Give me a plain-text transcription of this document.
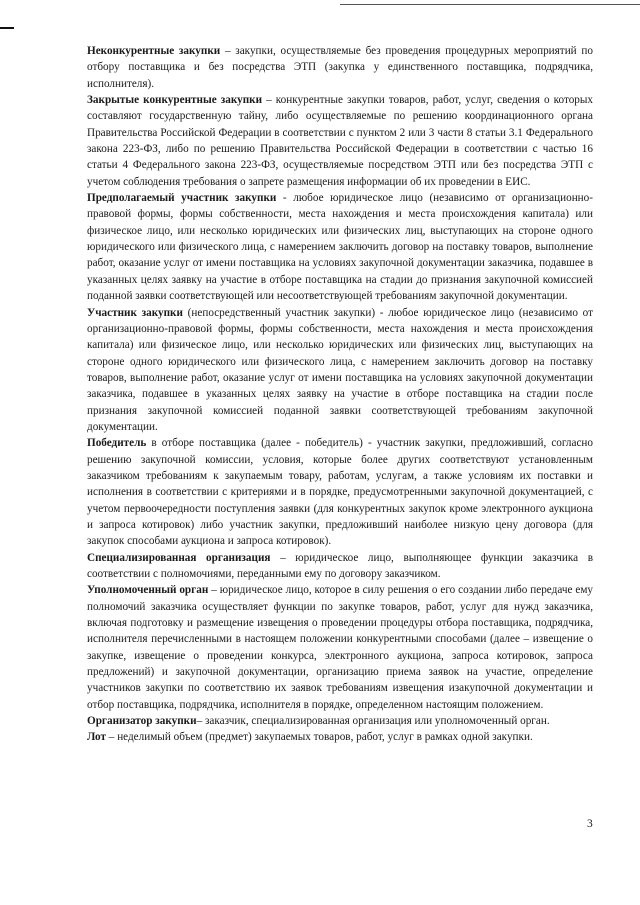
Неконкурентные закупки – закупки, осуществляемые без проведения процедурных мероприятий по отбору поставщика и без посредства ЭТП (закупка у единственного поставщика, подрядчика, исполнителя).

Закрытые конкурентные закупки – конкурентные закупки товаров, работ, услуг, сведения о которых составляют государственную тайну, либо осуществляемые по решению координационного органа Правительства Российской Федерации в соответствии с пунктом 2 или 3 части 8 статьи 3.1 Федерального закона 223-ФЗ, либо по решению Правительства Российской Федерации в соответствии с частью 16 статьи 4 Федерального закона 223-ФЗ, осуществляемые посредством ЭТП или без посредства ЭТП с учетом соблюдения требования о запрете размещения информации об их проведении в ЕИС.

Предполагаемый участник закупки - любое юридическое лицо (независимо от организационно-правовой формы, формы собственности, места нахождения и места происхождения капитала) или физическое лицо, или несколько юридических или физических лиц, выступающих на стороне одного юридического или физического лица, с намерением заключить договор на поставку товаров, выполнение работ, оказание услуг от имени поставщика на условиях закупочной документации заказчика, подавшее в указанных целях заявку на участие в отборе поставщика на стадии до признания закупочной комиссией поданной заявки соответствующей или несоответствующей требованиям закупочной документации.

Участник закупки (непосредственный участник закупки) - любое юридическое лицо (независимо от организационно-правовой формы, формы собственности, места нахождения и места происхождения капитала) или физическое лицо, или несколько юридических или физических лиц, выступающих на стороне одного юридического или физического лица, с намерением заключить договор на поставку товаров, выполнение работ, оказание услуг от имени поставщика на условиях закупочной документации заказчика, подавшее в указанных целях заявку на участие в отборе поставщика на стадии после признания закупочной комиссией поданной заявки соответствующей требованиям закупочной документации.

Победитель в отборе поставщика (далее - победитель) - участник закупки, предложивший, согласно решению закупочной комиссии, условия, которые более других соответствуют установленным заказчиком требованиям к закупаемым товару, работам, услугам, а также условиям их поставки и исполнения в соответствии с критериями и в порядке, предусмотренными закупочной документацией, с учетом первоочередности поступления заявки (для конкурентных закупок кроме электронного аукциона и запроса котировок) либо участник закупки, предложивший наиболее низкую цену договора (для закупок способами аукциона и запроса котировок).

Специализированная организация – юридическое лицо, выполняющее функции заказчика в соответствии с полномочиями, переданными ему по договору заказчиком.

Уполномоченный орган – юридическое лицо, которое в силу решения о его создании либо передаче ему полномочий заказчика осуществляет функции по закупке товаров, работ, услуг для нужд заказчика, включая подготовку и размещение извещения о проведении процедуры отбора поставщика, подрядчика, исполнителя перечисленными в настоящем положении конкурентными способами (далее – извещение о закупке, извещение о проведении конкурса, электронного аукциона, запроса котировок, запроса предложений) и закупочной документации, организацию приема заявок на участие, определение участников закупки по соответствию их заявок требованиям извещения изакупочной документации и отбор поставщика, подрядчика, исполнителя в порядке, определенном настоящим положением.

Организатор закупки– заказчик, специализированная организация или уполномоченный орган.

Лот – неделимый объем (предмет) закупаемых товаров, работ, услуг в рамках одной закупки.

3
